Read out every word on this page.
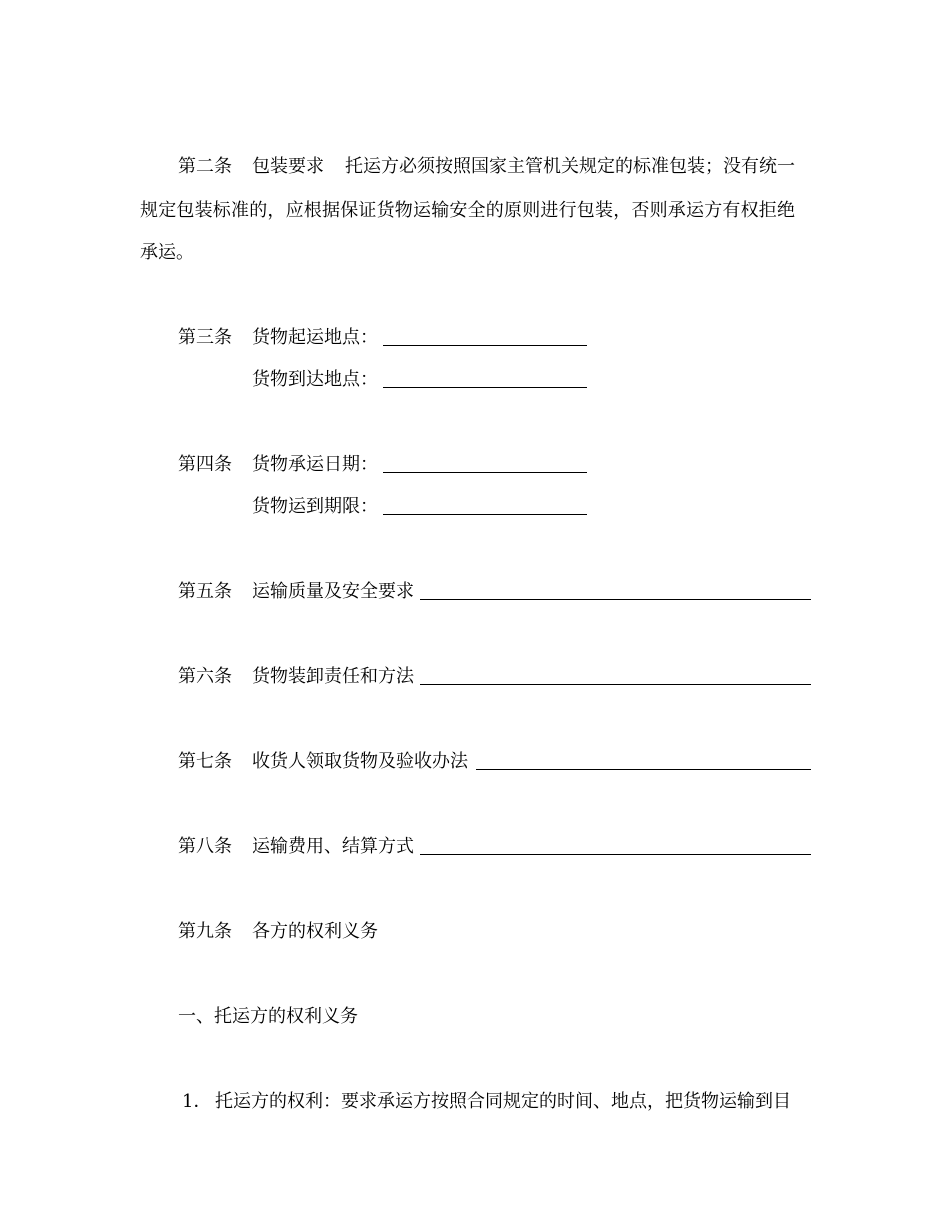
第二条 包装要求 托运方必须按照国家主管机关规定的标准包装；没有统一
规定包装标准的，应根据保证货物运输安全的原则进行包装，否则承运方有权拒绝
承运。
第三条 货物起运地点：
货物到达地点：
第四条 货物承运日期：
货物运到期限：
第五条 运输质量及安全要求
第六条 货物装卸责任和方法
第七条 收货人领取货物及验收办法
第八条 运输费用、结算方式
第九条 各方的权利义务
一、托运方的权利义务
1． 托运方的权利：要求承运方按照合同规定的时间、地点，把货物运输到目
